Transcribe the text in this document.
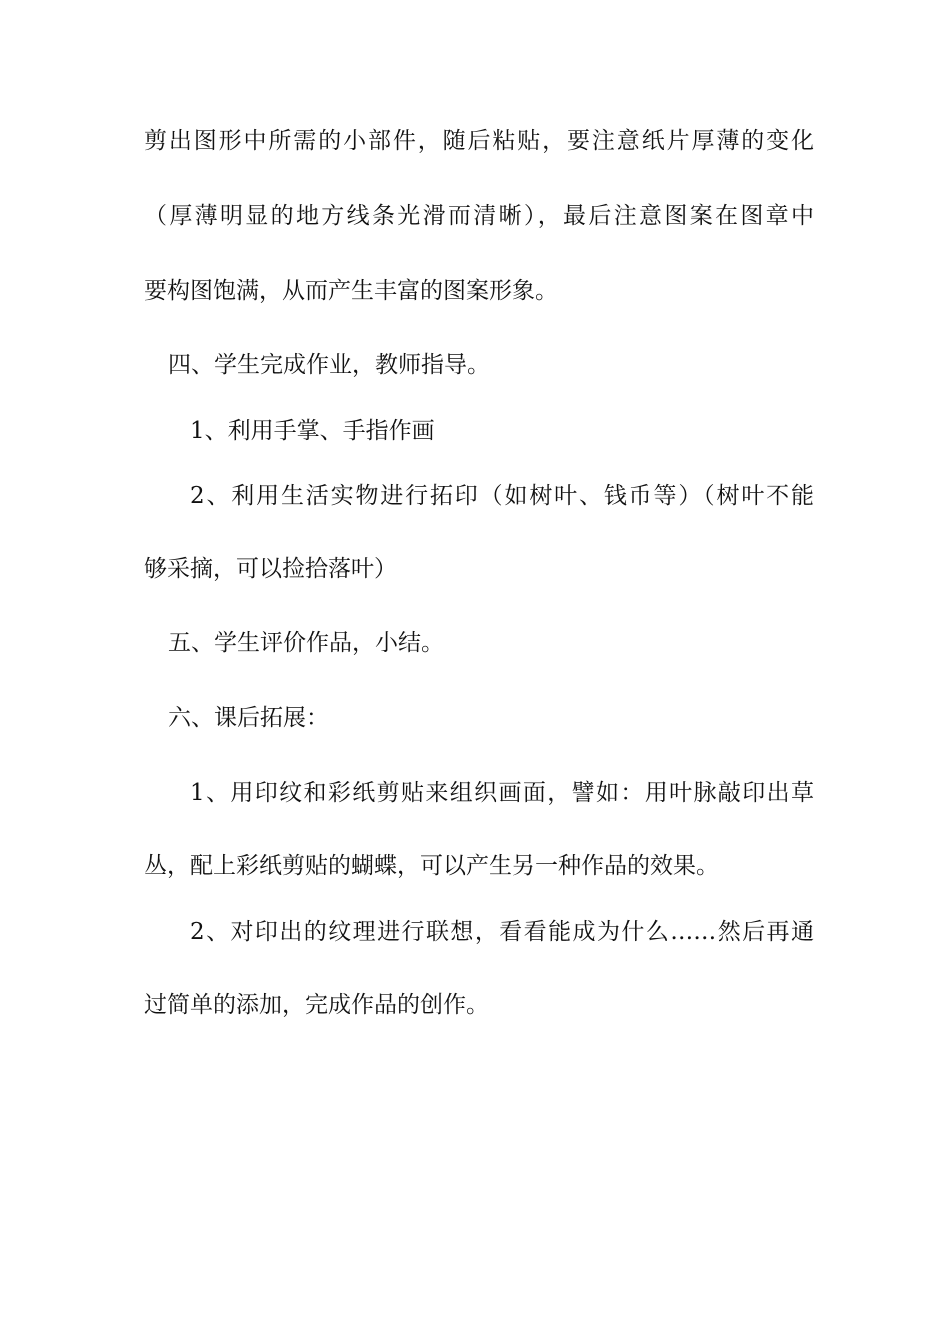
剪出图形中所需的小部件，随后粘贴，要注意纸片厚薄的变化
（厚薄明显的地方线条光滑而清晰），最后注意图案在图章中
要构图饱满，从而产生丰富的图案形象。
四、学生完成作业，教师指导。
1、利用手掌、手指作画
2、利用生活实物进行拓印（如树叶、钱币等）（树叶不能
够采摘，可以捡拾落叶）
五、学生评价作品，小结。
六、课后拓展：
1、用印纹和彩纸剪贴来组织画面，譬如：用叶脉敲印出草
丛，配上彩纸剪贴的蝴蝶，可以产生另一种作品的效果。
2、对印出的纹理进行联想，看看能成为什么……然后再通
过简单的添加，完成作品的创作。
